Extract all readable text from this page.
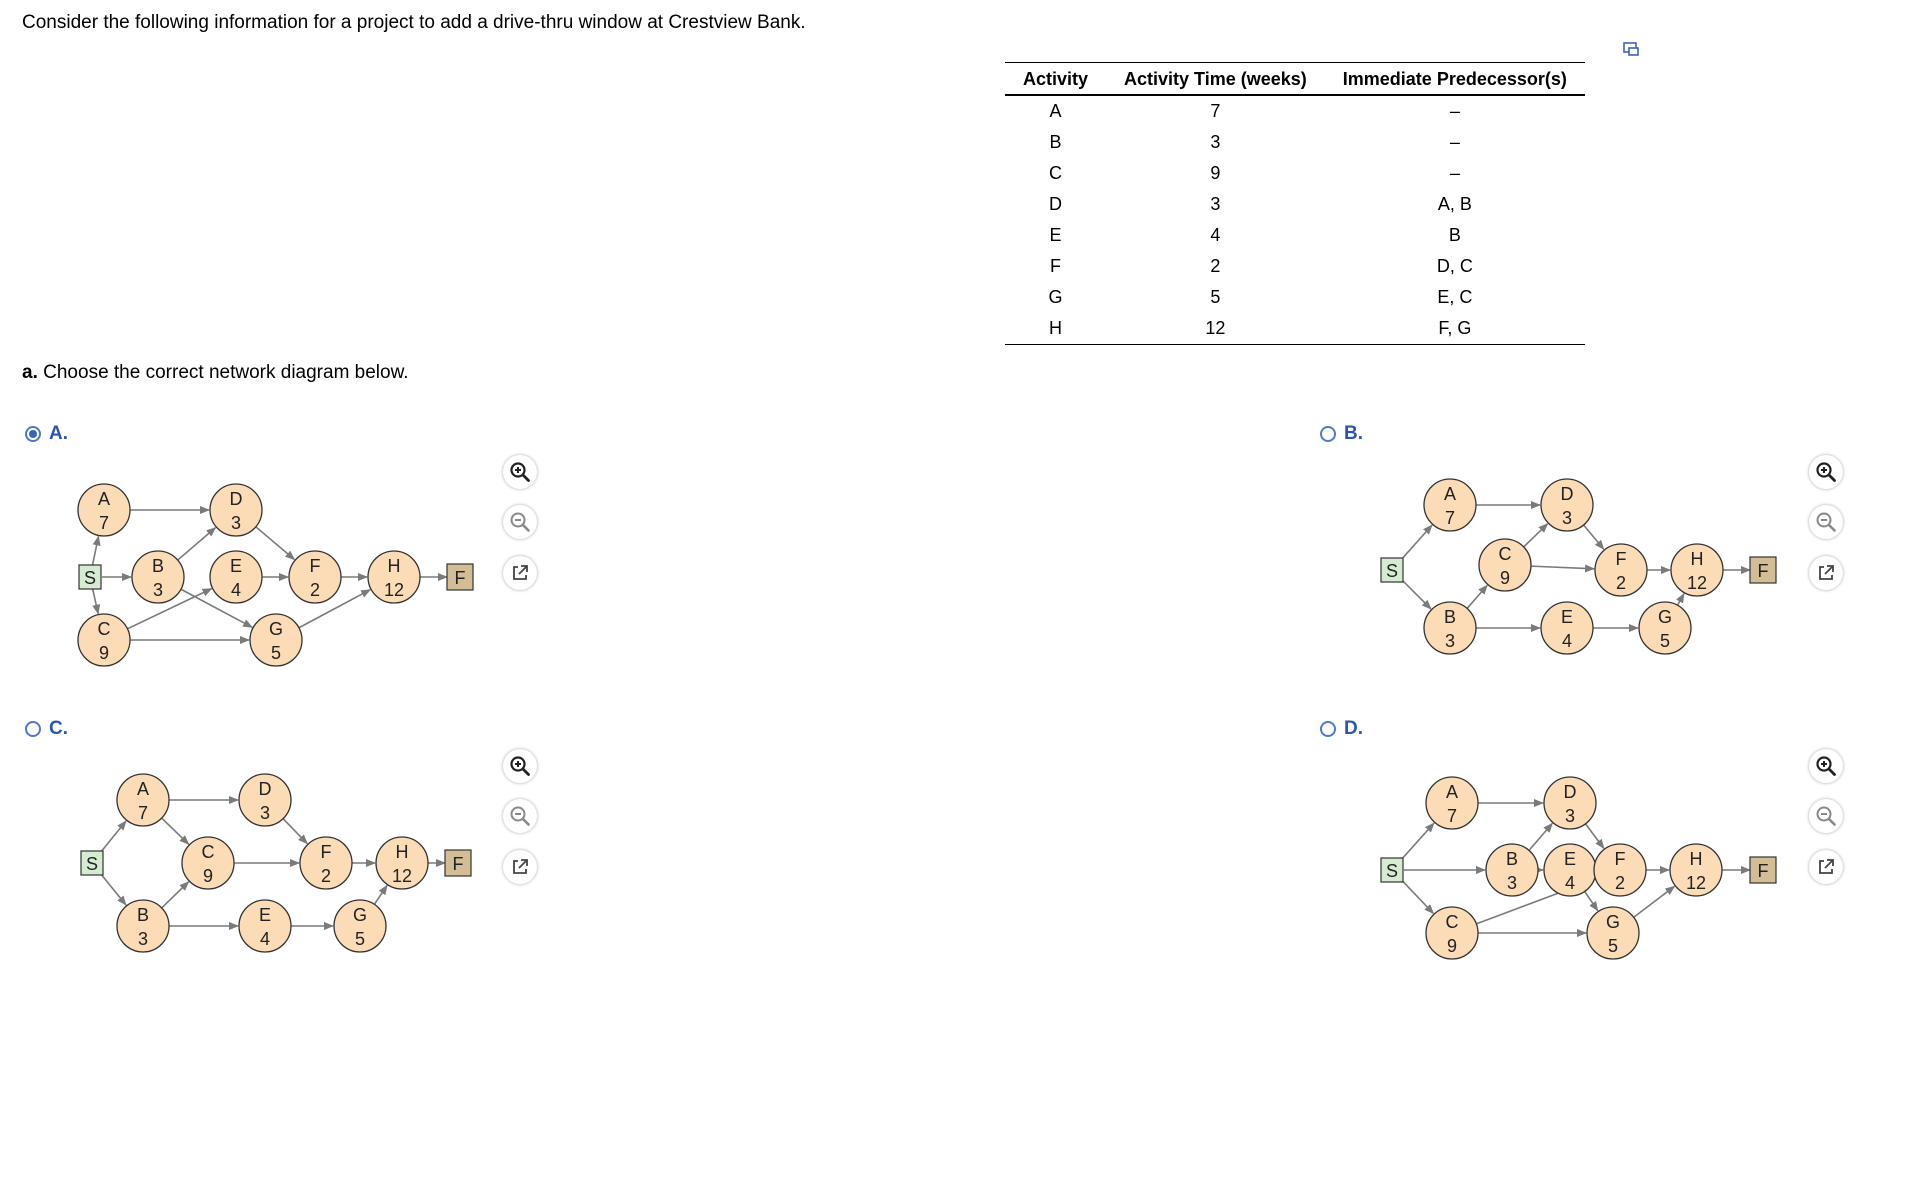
Consider the following information for a project to add a drive-thru window at Crestview Bank.
Activity	Activity Time (weeks)	Immediate Predecessor(s)
A	7	–
B	3	–
C	9	–
D	3	A, B
E	4	B
F	2	D, C
G	5	E, C
H	12	F, G
a. Choose the correct network diagram below.
A.	B.
C.	D.
S	F
A
7
D
3
B
3
E
4
F
2
H
12
C
9
G
5
S	F
A
7
D
3
C
9
F
2
H
12
B
3
E
4
G
5
S	F
A
7
D
3
C
9
F
2
H
12
B
3
E
4
G
5
S	F
A
7
D
3
B
3
E
4
F
2
H
12
C
9
G
5
